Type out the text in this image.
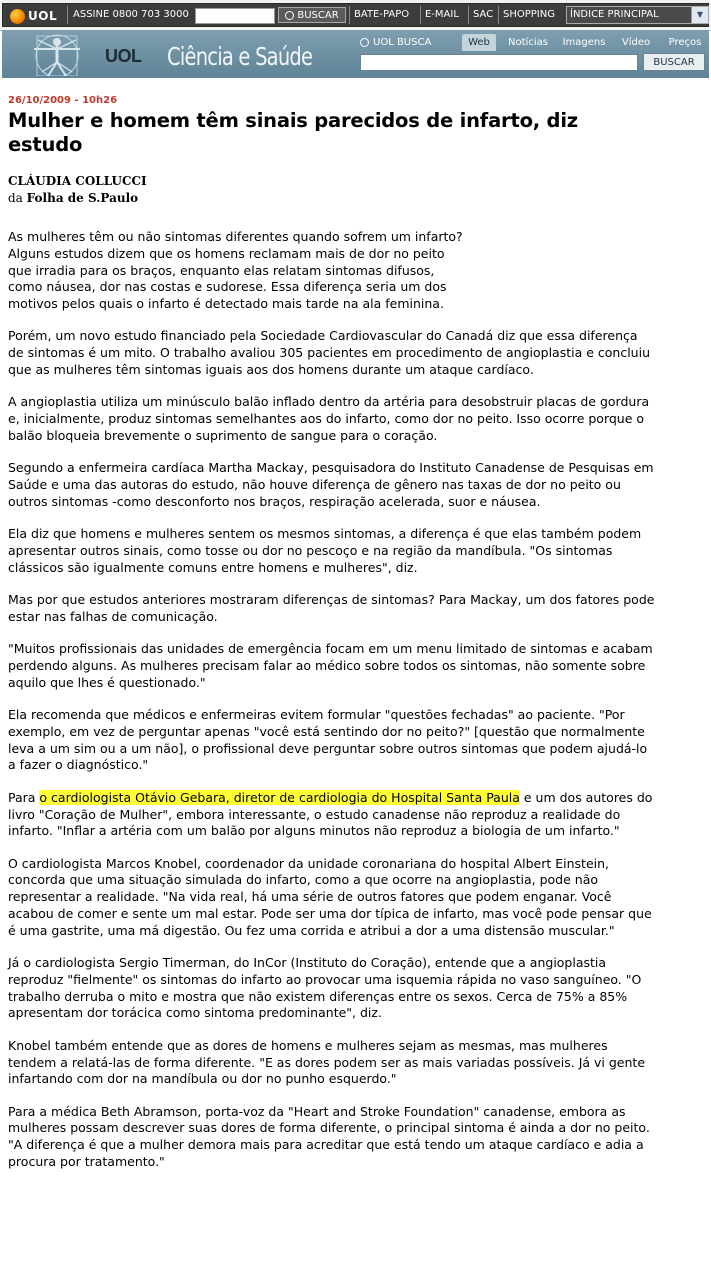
UOL ASSINE 0800 703 3000	BUSCAR BATE-PAPO E-MAIL SAC SHOPPING	ÍNDICE PRINCIPAL	▼
UOL Ciência e Saúde	UOL BUSCA	Web	Notícias	Imagens	Vídeo	Preços
BUSCAR
26/10/2009 - 10h26
Mulher e homem têm sinais parecidos de infarto, diz estudo
CLÁUDIA COLLUCCI
da Folha de S.Paulo

As mulheres têm ou não sintomas diferentes quando sofrem um infarto? Alguns estudos dizem que os homens reclamam mais de dor no peito que irradia para os braços, enquanto elas relatam sintomas difusos, como náusea, dor nas costas e sudorese. Essa diferença seria um dos motivos pelos quais o infarto é detectado mais tarde na ala feminina.

Porém, um novo estudo financiado pela Sociedade Cardiovascular do Canadá diz que essa diferença de sintomas é um mito. O trabalho avaliou 305 pacientes em procedimento de angioplastia e concluiu que as mulheres têm sintomas iguais aos dos homens durante um ataque cardíaco.

A angioplastia utiliza um minúsculo balão inflado dentro da artéria para desobstruir placas de gordura e, inicialmente, produz sintomas semelhantes aos do infarto, como dor no peito. Isso ocorre porque o balão bloqueia brevemente o suprimento de sangue para o coração.

Segundo a enfermeira cardíaca Martha Mackay, pesquisadora do Instituto Canadense de Pesquisas em Saúde e uma das autoras do estudo, não houve diferença de gênero nas taxas de dor no peito ou outros sintomas -como desconforto nos braços, respiração acelerada, suor e náusea.

Ela diz que homens e mulheres sentem os mesmos sintomas, a diferença é que elas também podem apresentar outros sinais, como tosse ou dor no pescoço e na região da mandíbula. "Os sintomas clássicos são igualmente comuns entre homens e mulheres", diz.

Mas por que estudos anteriores mostraram diferenças de sintomas? Para Mackay, um dos fatores pode estar nas falhas de comunicação.

"Muitos profissionais das unidades de emergência focam em um menu limitado de sintomas e acabam perdendo alguns. As mulheres precisam falar ao médico sobre todos os sintomas, não somente sobre aquilo que lhes é questionado."

Ela recomenda que médicos e enfermeiras evitem formular "questões fechadas" ao paciente. "Por exemplo, em vez de perguntar apenas "você está sentindo dor no peito?" [questão que normalmente leva a um sim ou a um não], o profissional deve perguntar sobre outros sintomas que podem ajudá-lo a fazer o diagnóstico."

Para o cardiologista Otávio Gebara, diretor de cardiologia do Hospital Santa Paula e um dos autores do livro "Coração de Mulher", embora interessante, o estudo canadense não reproduz a realidade do infarto. "Inflar a artéria com um balão por alguns minutos não reproduz a biologia de um infarto."

O cardiologista Marcos Knobel, coordenador da unidade coronariana do hospital Albert Einstein, concorda que uma situação simulada do infarto, como a que ocorre na angioplastia, pode não representar a realidade. "Na vida real, há uma série de outros fatores que podem enganar. Você acabou de comer e sente um mal estar. Pode ser uma dor típica de infarto, mas você pode pensar que é uma gastrite, uma má digestão. Ou fez uma corrida e atribui a dor a uma distensão muscular."

Já o cardiologista Sergio Timerman, do InCor (Instituto do Coração), entende que a angioplastia reproduz "fielmente" os sintomas do infarto ao provocar uma isquemia rápida no vaso sanguíneo. "O trabalho derruba o mito e mostra que não existem diferenças entre os sexos. Cerca de 75% a 85% apresentam dor torácica como sintoma predominante", diz.

Knobel também entende que as dores de homens e mulheres sejam as mesmas, mas mulheres tendem a relatá-las de forma diferente. "E as dores podem ser as mais variadas possíveis. Já vi gente infartando com dor na mandíbula ou dor no punho esquerdo."

Para a médica Beth Abramson, porta-voz da "Heart and Stroke Foundation" canadense, embora as mulheres possam descrever suas dores de forma diferente, o principal sintoma é ainda a dor no peito. "A diferença é que a mulher demora mais para acreditar que está tendo um ataque cardíaco e adia a procura por tratamento."
